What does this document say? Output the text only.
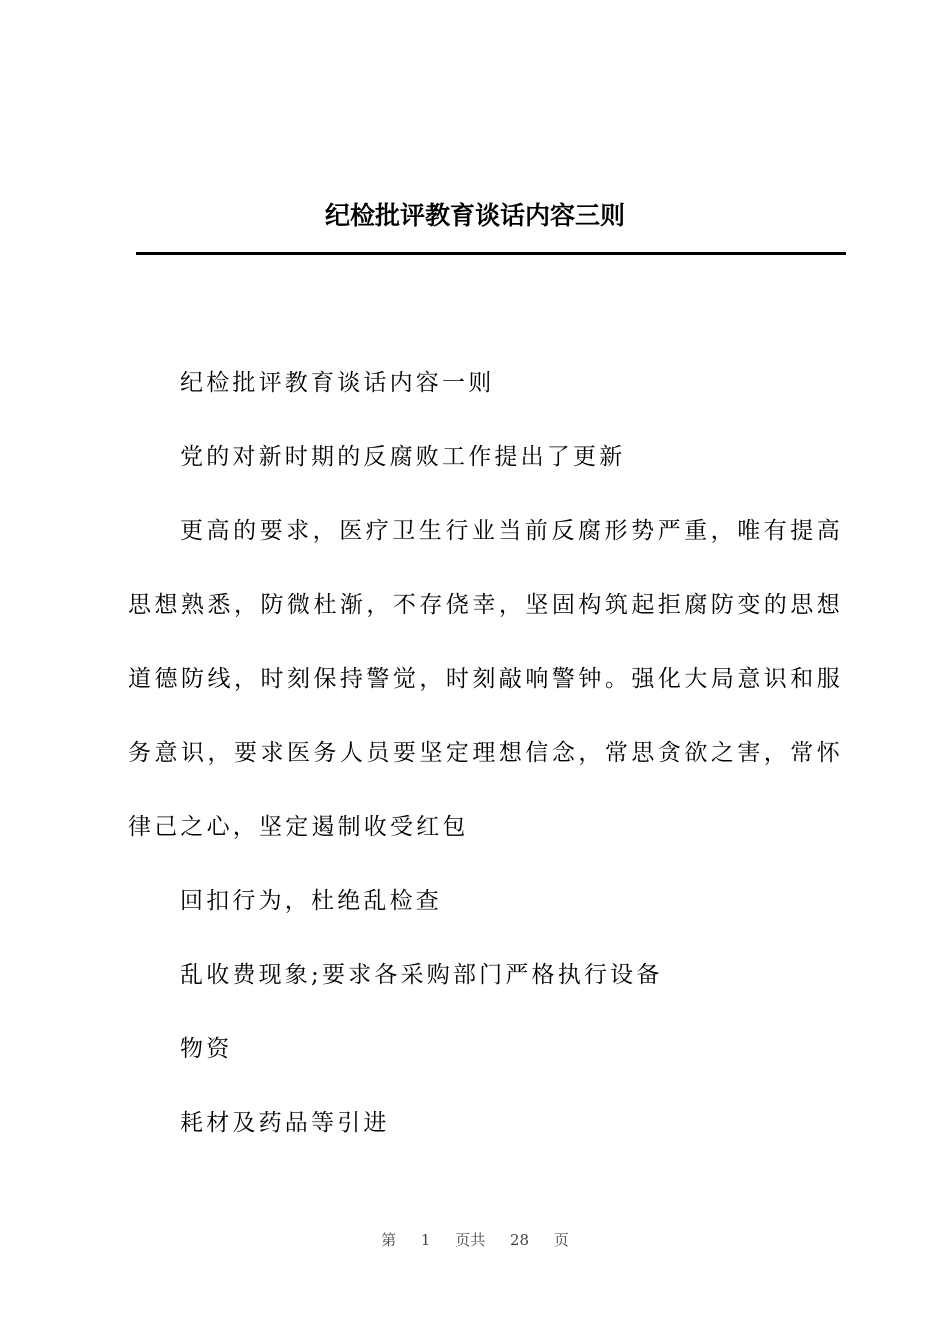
纪检批评教育谈话内容三则

纪检批评教育谈话内容一则

党的对新时期的反腐败工作提出了更新

更高的要求，医疗卫生行业当前反腐形势严重，唯有提高思想熟悉，防微杜渐，不存侥幸，坚固构筑起拒腐防变的思想道德防线，时刻保持警觉，时刻敲响警钟。强化大局意识和服务意识，要求医务人员要坚定理想信念，常思贪欲之害，常怀律己之心，坚定遏制收受红包

回扣行为，杜绝乱检查

乱收费现象;要求各采购部门严格执行设备

物资

耗材及药品等引进

第 1 页共 28 页
